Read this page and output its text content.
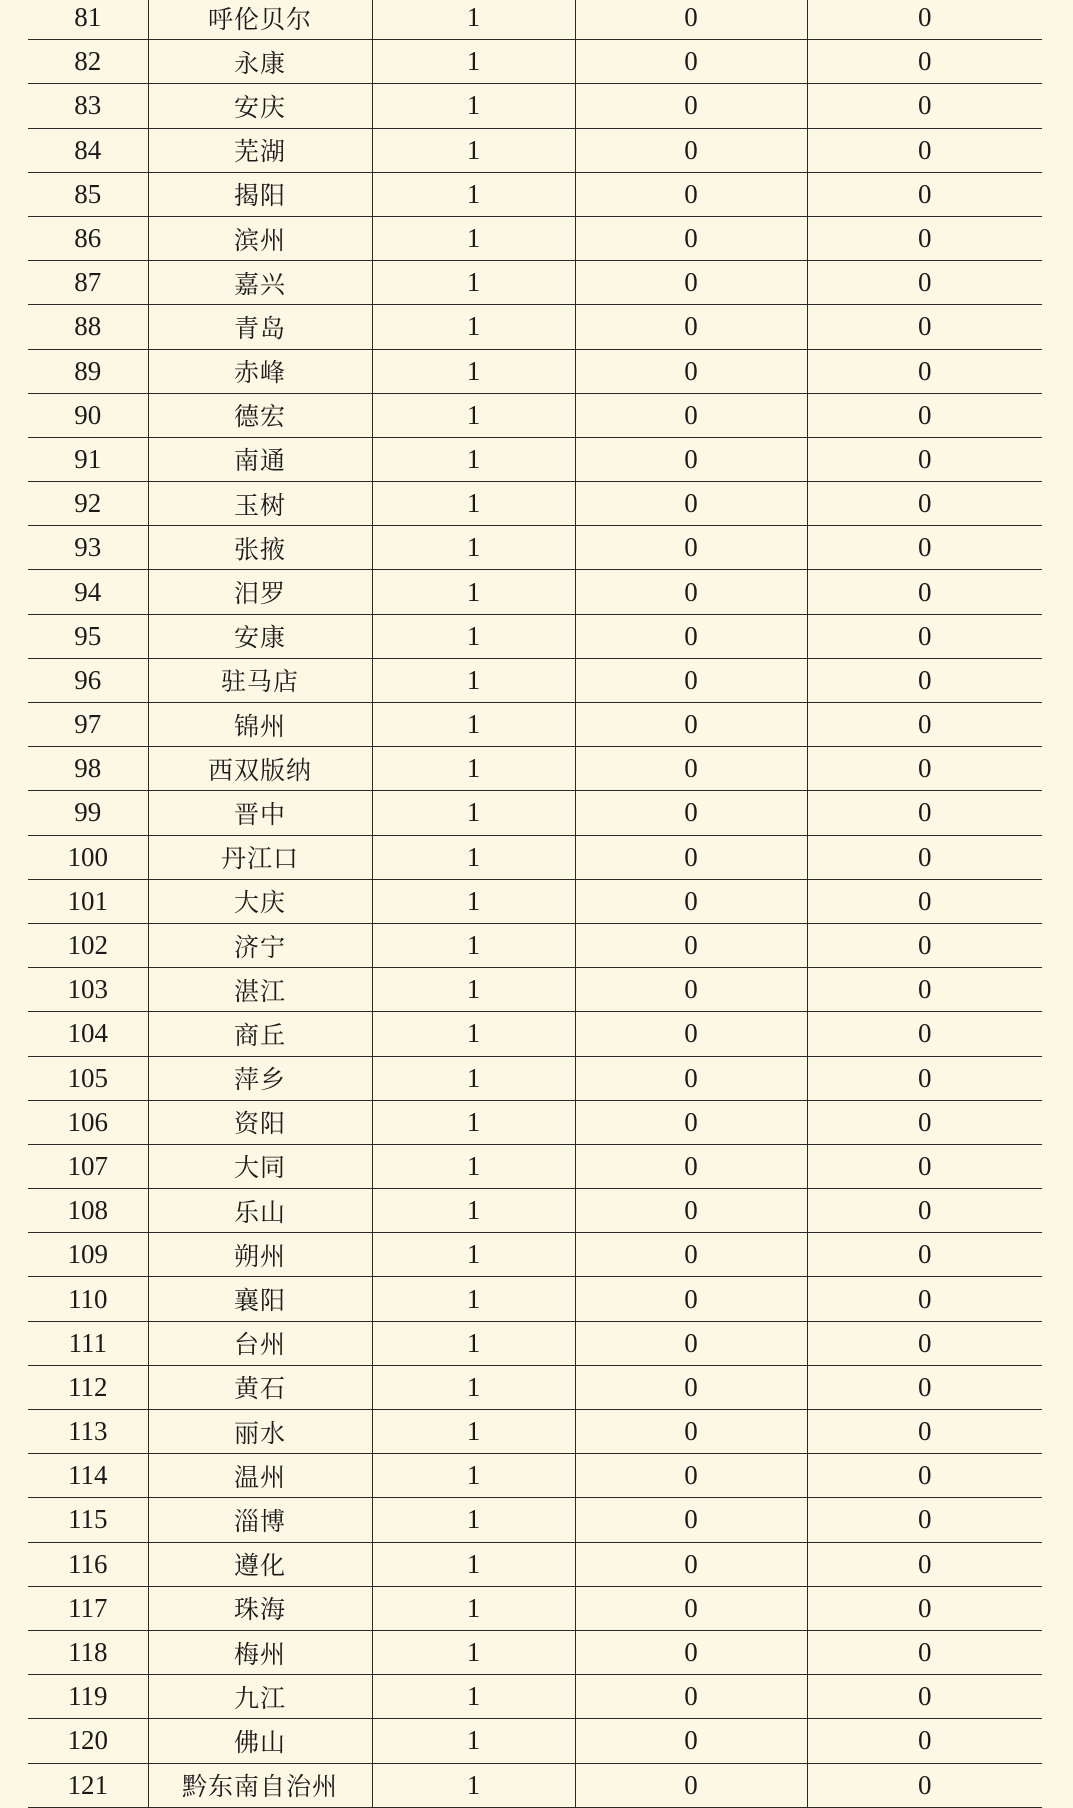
81	呼伦贝尔	1	0	0
82	永康	1	0	0
83	安庆	1	0	0
84	芜湖	1	0	0
85	揭阳	1	0	0
86	滨州	1	0	0
87	嘉兴	1	0	0
88	青岛	1	0	0
89	赤峰	1	0	0
90	德宏	1	0	0
91	南通	1	0	0
92	玉树	1	0	0
93	张掖	1	0	0
94	汨罗	1	0	0
95	安康	1	0	0
96	驻马店	1	0	0
97	锦州	1	0	0
98	西双版纳	1	0	0
99	晋中	1	0	0
100	丹江口	1	0	0
101	大庆	1	0	0
102	济宁	1	0	0
103	湛江	1	0	0
104	商丘	1	0	0
105	萍乡	1	0	0
106	资阳	1	0	0
107	大同	1	0	0
108	乐山	1	0	0
109	朔州	1	0	0
110	襄阳	1	0	0
111	台州	1	0	0
112	黄石	1	0	0
113	丽水	1	0	0
114	温州	1	0	0
115	淄博	1	0	0
116	遵化	1	0	0
117	珠海	1	0	0
118	梅州	1	0	0
119	九江	1	0	0
120	佛山	1	0	0
121	黔东南自治州	1	0	0
